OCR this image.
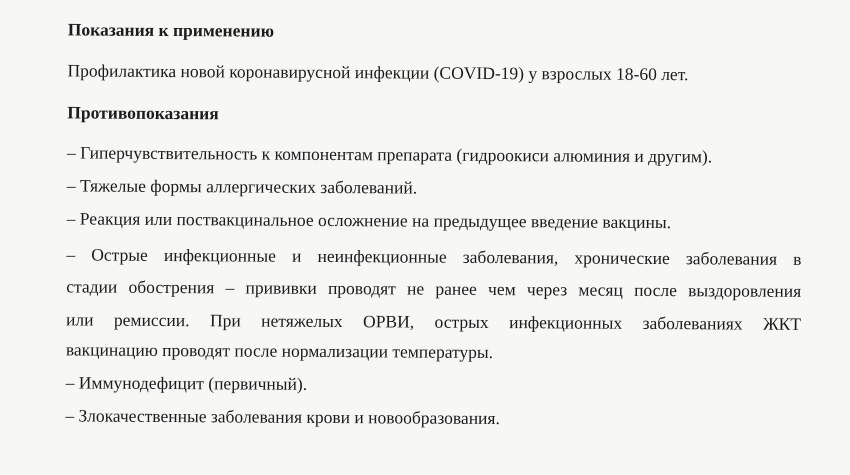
Показания к применению
Профилактика новой коронавирусной инфекции (COVID-19) у взрослых 18-60 лет.
Противопоказания
– Гиперчувствительность к компонентам препарата (гидроокиси алюминия и другим).
– Тяжелые формы аллергических заболеваний.
– Реакция или поствакцинальное осложнение на предыдущее введение вакцины.
– Острые инфекционные и неинфекционные заболевания, хронические заболевания в
стадии обострения – прививки проводят не ранее чем через месяц после выздоровления
или ремиссии. При нетяжелых ОРВИ, острых инфекционных заболеваниях ЖКТ
вакцинацию проводят после нормализации температуры.
– Иммунодефицит (первичный).
– Злокачественные заболевания крови и новообразования.
